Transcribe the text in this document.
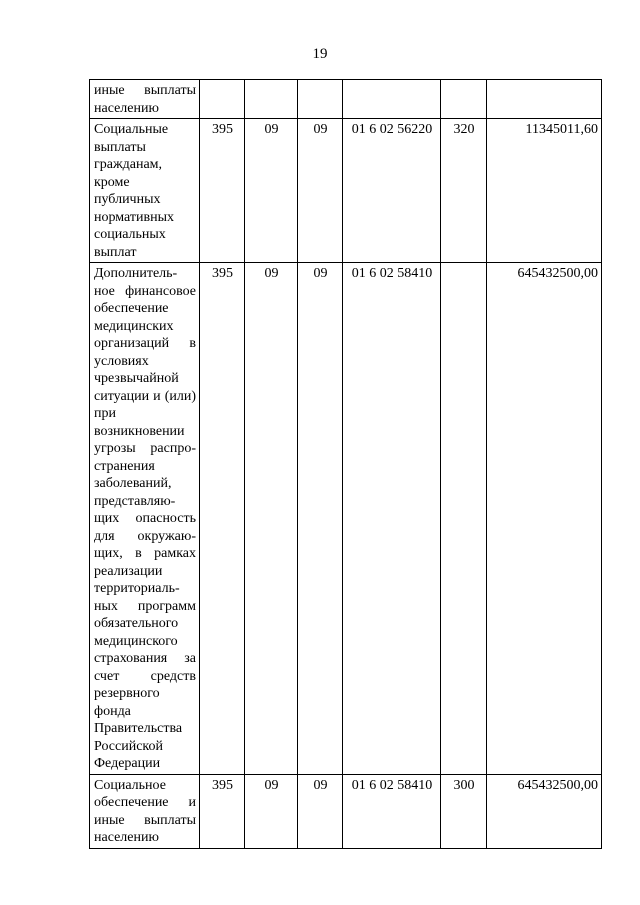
19
иные выплаты населению						
Социальные выплаты гражданам, кроме публичных нормативных социальных выплат	395	09	09	01 6 02 56220	320	11345011,60
Дополнитель-ное финансовое обеспечение медицинских организаций в условиях чрезвычайной ситуации и (или) при возникновении угрозы распро-странения заболеваний, представляю-щих опасность для окружаю-щих, в рамках реализации территориаль-ных программ обязательного медицинского страхования за счет средств резервного фонда Правительства Российской Федерации	395	09	09	01 6 02 58410		645432500,00
Социальное обеспечение и иные выплаты населению	395	09	09	01 6 02 58410	300	645432500,00
